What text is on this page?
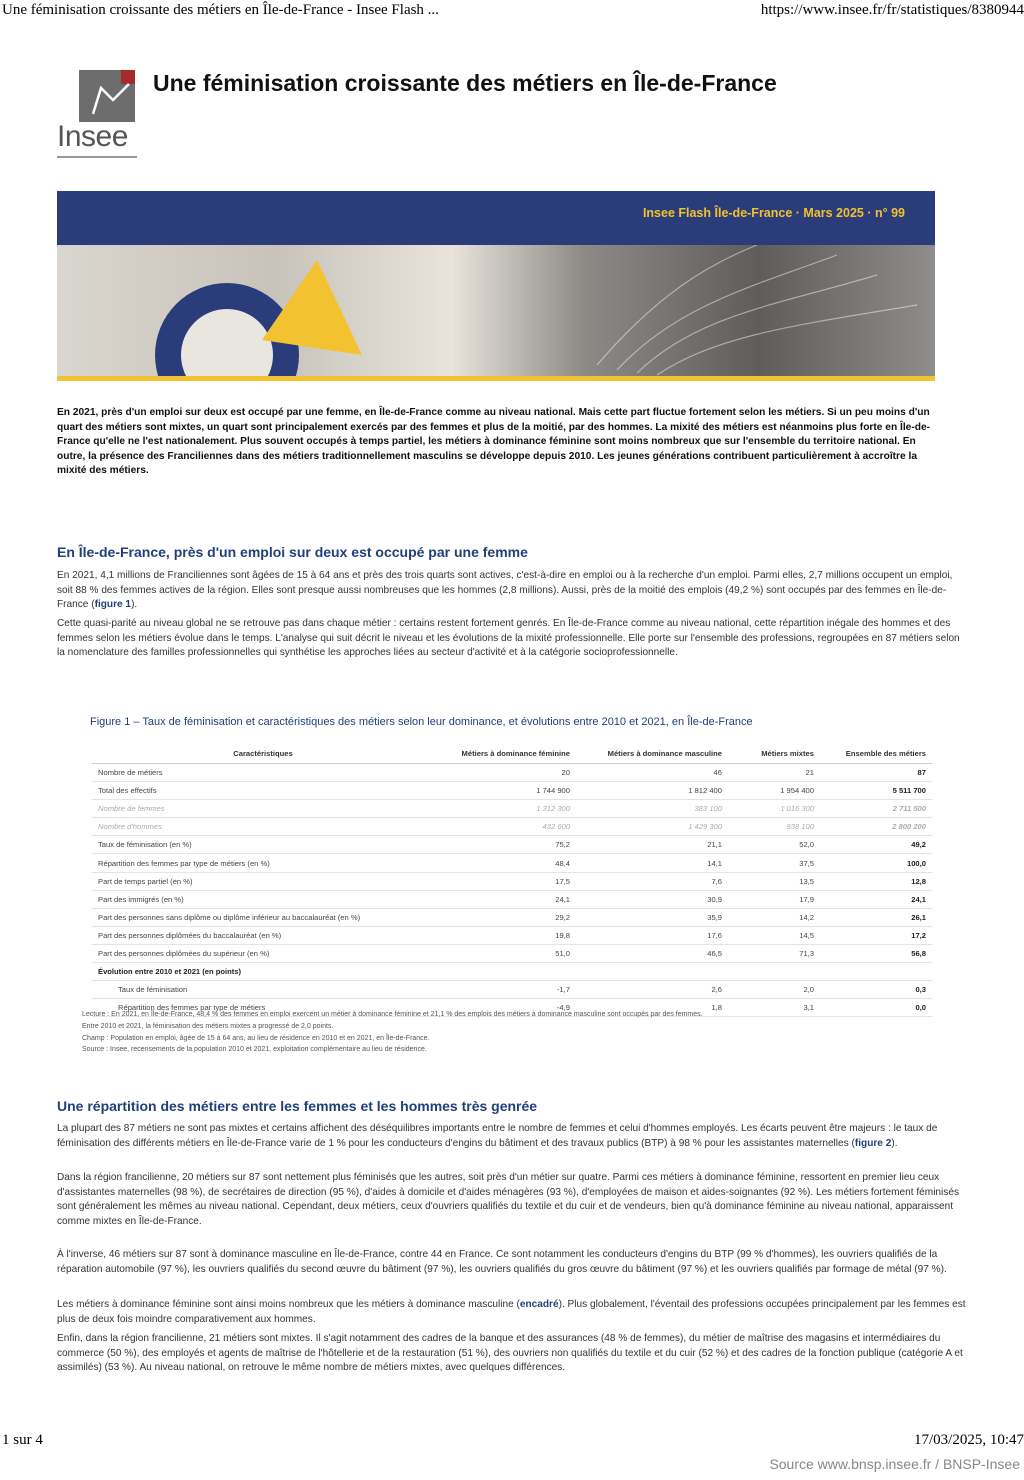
Une féminisation croissante des métiers en Île-de-France - Insee Flash ...	https://www.insee.fr/fr/statistiques/8380944
Insee
Une féminisation croissante des métiers en Île-de-France
Insee Flash Île-de-France · Mars 2025 · n° 99
En 2021, près d'un emploi sur deux est occupé par une femme, en Île-de-France comme au niveau national. Mais cette part fluctue fortement selon les métiers. Si un peu moins d'un quart des métiers sont mixtes, un quart sont principalement exercés par des femmes et plus de la moitié, par des hommes. La mixité des métiers est néanmoins plus forte en Île-de-France qu'elle ne l'est nationalement. Plus souvent occupés à temps partiel, les métiers à dominance féminine sont moins nombreux que sur l'ensemble du territoire national. En outre, la présence des Franciliennes dans des métiers traditionnellement masculins se développe depuis 2010. Les jeunes générations contribuent particulièrement à accroître la mixité des métiers.
En Île-de-France, près d'un emploi sur deux est occupé par une femme

En 2021, 4,1 millions de Franciliennes sont âgées de 15 à 64 ans et près des trois quarts sont actives, c'est-à-dire en emploi ou à la recherche d'un emploi. Parmi elles, 2,7 millions occupent un emploi, soit 88 % des femmes actives de la région. Elles sont presque aussi nombreuses que les hommes (2,8 millions). Aussi, près de la moitié des emplois (49,2 %) sont occupés par des femmes en Île-de-France (figure 1).

Cette quasi-parité au niveau global ne se retrouve pas dans chaque métier : certains restent fortement genrés. En Île-de-France comme au niveau national, cette répartition inégale des hommes et des femmes selon les métiers évolue dans le temps. L'analyse qui suit décrit le niveau et les évolutions de la mixité professionnelle. Elle porte sur l'ensemble des professions, regroupées en 87 métiers selon la nomenclature des familles professionnelles qui synthétise les approches liées au secteur d'activité et à la catégorie socioprofessionnelle.

Figure 1 – Taux de féminisation et caractéristiques des métiers selon leur dominance, et évolutions entre 2010 et 2021, en Île-de-France
Caractéristiques	Métiers à dominance féminine	Métiers à dominance masculine	Métiers mixtes	Ensemble des métiers
Nombre de métiers	20	46	21	87
Total des effectifs	1 744 900	1 812 400	1 954 400	5 511 700
Nombre de femmes	1 312 300	383 100	1 016 300	2 711 500
Nombre d'hommes	432 600	1 429 300	938 100	2 800 200
Taux de féminisation (en %)	75,2	21,1	52,0	49,2
Répartition des femmes par type de métiers (en %)	48,4	14,1	37,5	100,0
Part de temps partiel (en %)	17,5	7,6	13,5	12,8
Part des immigrés (en %)	24,1	30,9	17,9	24,1
Part des personnes sans diplôme ou diplôme inférieur au baccalauréat (en %)	29,2	35,9	14,2	26,1
Part des personnes diplômées du baccalauréat (en %)	19,8	17,6	14,5	17,2
Part des personnes diplômées du supérieur (en %)	51,0	46,5	71,3	56,8
Évolution entre 2010 et 2021 (en points)				
Taux de féminisation	-1,7	2,6	2,0	0,3
Répartition des femmes par type de métiers	-4,9	1,8	3,1	0,0
Lecture : En 2021, en Île-de-France, 48,4 % des femmes en emploi exercent un métier à dominance féminine et 21,1 % des emplois des métiers à dominance masculine sont occupés par des femmes.
Entre 2010 et 2021, la féminisation des métiers mixtes a progressé de 2,0 points.
Champ : Population en emploi, âgée de 15 à 64 ans, au lieu de résidence en 2010 et en 2021, en Île-de-France.
Source : Insee, recensements de la population 2010 et 2021, exploitation complémentaire au lieu de résidence.
Une répartition des métiers entre les femmes et les hommes très genrée

La plupart des 87 métiers ne sont pas mixtes et certains affichent des déséquilibres importants entre le nombre de femmes et celui d'hommes employés. Les écarts peuvent être majeurs : le taux de féminisation des différents métiers en Île-de-France varie de 1 % pour les conducteurs d'engins du bâtiment et des travaux publics (BTP) à 98 % pour les assistantes maternelles (figure 2).

Dans la région francilienne, 20 métiers sur 87 sont nettement plus féminisés que les autres, soit près d'un métier sur quatre. Parmi ces métiers à dominance féminine, ressortent en premier lieu ceux d'assistantes maternelles (98 %), de secrétaires de direction (95 %), d'aides à domicile et d'aides ménagères (93 %), d'employées de maison et aides-soignantes (92 %). Les métiers fortement féminisés sont généralement les mêmes au niveau national. Cependant, deux métiers, ceux d'ouvriers qualifiés du textile et du cuir et de vendeurs, bien qu'à dominance féminine au niveau national, apparaissent comme mixtes en Île-de-France.

À l'inverse, 46 métiers sur 87 sont à dominance masculine en Île-de-France, contre 44 en France. Ce sont notamment les conducteurs d'engins du BTP (99 % d'hommes), les ouvriers qualifiés de la réparation automobile (97 %), les ouvriers qualifiés du second œuvre du bâtiment (97 %), les ouvriers qualifiés du gros œuvre du bâtiment (97 %) et les ouvriers qualifiés par formage de métal (97 %).

Les métiers à dominance féminine sont ainsi moins nombreux que les métiers à dominance masculine (encadré). Plus globalement, l'éventail des professions occupées principalement par les femmes est plus de deux fois moindre comparativement aux hommes.

Enfin, dans la région francilienne, 21 métiers sont mixtes. Il s'agit notamment des cadres de la banque et des assurances (48 % de femmes), du métier de maîtrise des magasins et intermédiaires du commerce (50 %), des employés et agents de maîtrise de l'hôtellerie et de la restauration (51 %), des ouvriers non qualifiés du textile et du cuir (52 %) et des cadres de la fonction publique (catégorie A et assimilés) (53 %). Au niveau national, on retrouve le même nombre de métiers mixtes, avec quelques différences.

1 sur 4	17/03/2025, 10:47
Source www.bnsp.insee.fr / BNSP-Insee
